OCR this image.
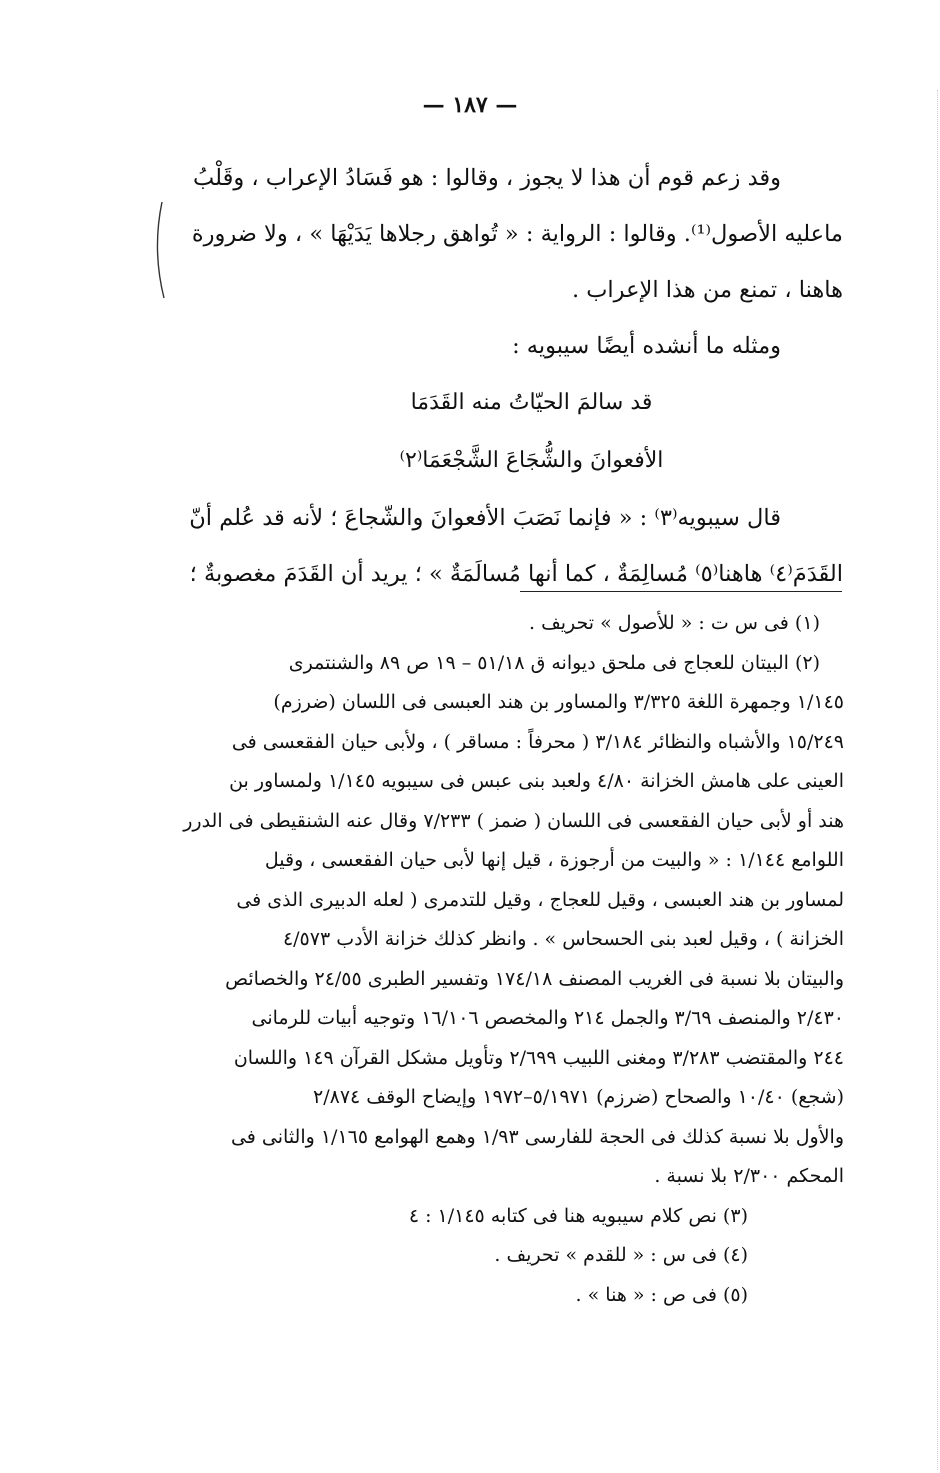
— ١٨٧ —
وقد زعم قوم أن هذا لا يجوز ، وقالوا : هو فَسَادُ الإعراب ، وقَلْبُ
ماعليه الأصول⁽¹⁾. وقالوا : الرواية : « تُواهق رجلاها يَدَيْهَا » ، ولا ضرورة
هاهنا ، تمنع من هذا الإعراب .
ومثله ما أنشده أيضًا سيبويه :
قد سالمَ الحيّاتُ منه القَدَمَا
الأفعوانَ والشُّجَاعَ الشَّجْعَمَا⁽٢⁾
قال سيبويه⁽٣⁾ : « فإنما نَصَبَ الأفعوانَ والشّجاعَ ؛ لأنه قد عُلم أنّ
القَدَمَ⁽٤⁾ هاهنا⁽٥⁾ مُسالِمَةٌ ، كما أنها مُسالَمَةٌ » ؛ يريد أن القَدَمَ مغصوبةٌ ؛
(١) فى س ت : « للأصول » تحريف .
(٢) البيتان للعجاج فى ملحق ديوانه ق ٥١/١٨ – ١٩ ص ٨٩ والشنتمرى
١/١٤٥ وجمهرة اللغة ٣/٣٢٥ والمساور بن هند العبسى فى اللسان (ضرزم)
١٥/٢٤٩ والأشباه والنظائر ٣/١٨٤ ( محرفاً : مساقر ) ، ولأبى حيان الفقعسى فى
العينى على هامش الخزانة ٤/٨٠ ولعبد بنى عبس فى سيبويه ١/١٤٥ ولمساور بن
هند أو لأبى حيان الفقعسى فى اللسان ( ضمز ) ٧/٢٣٣ وقال عنه الشنقيطى فى الدرر
اللوامع ١/١٤٤ : « والبيت من أرجوزة ، قيل إنها لأبى حيان الفقعسى ، وقيل
لمساور بن هند العبسى ، وقيل للعجاج ، وقيل للتدمرى ( لعله الدبيرى الذى فى
الخزانة ) ، وقيل لعبد بنى الحسحاس » . وانظر كذلك خزانة الأدب ٤/٥٧٣
والبيتان بلا نسبة فى الغريب المصنف ١٧٤/١٨ وتفسير الطبرى ٢٤/٥٥ والخصائص
٢/٤٣٠ والمنصف ٣/٦٩ والجمل ٢١٤ والمخصص ١٦/١٠٦ وتوجيه أبيات للرمانى
٢٤٤ والمقتضب ٣/٢٨٣ ومغنى اللبيب ٢/٦٩٩ وتأويل مشكل القرآن ١٤٩ واللسان
(شجع) ١٠/٤٠ والصحاح (ضرزم) ٥/١٩٧١–١٩٧٢ وإيضاح الوقف ٢/٨٧٤
والأول بلا نسبة كذلك فى الحجة للفارسى ١/٩٣ وهمع الهوامع ١/١٦٥ والثانى فى
المحكم ٢/٣٠٠ بلا نسبة .
(٣) نص كلام سيبويه هنا فى كتابه ١/١٤٥ : ٤
(٤) فى س : « للقدم » تحريف .
(٥) فى ص : « هنا » .
